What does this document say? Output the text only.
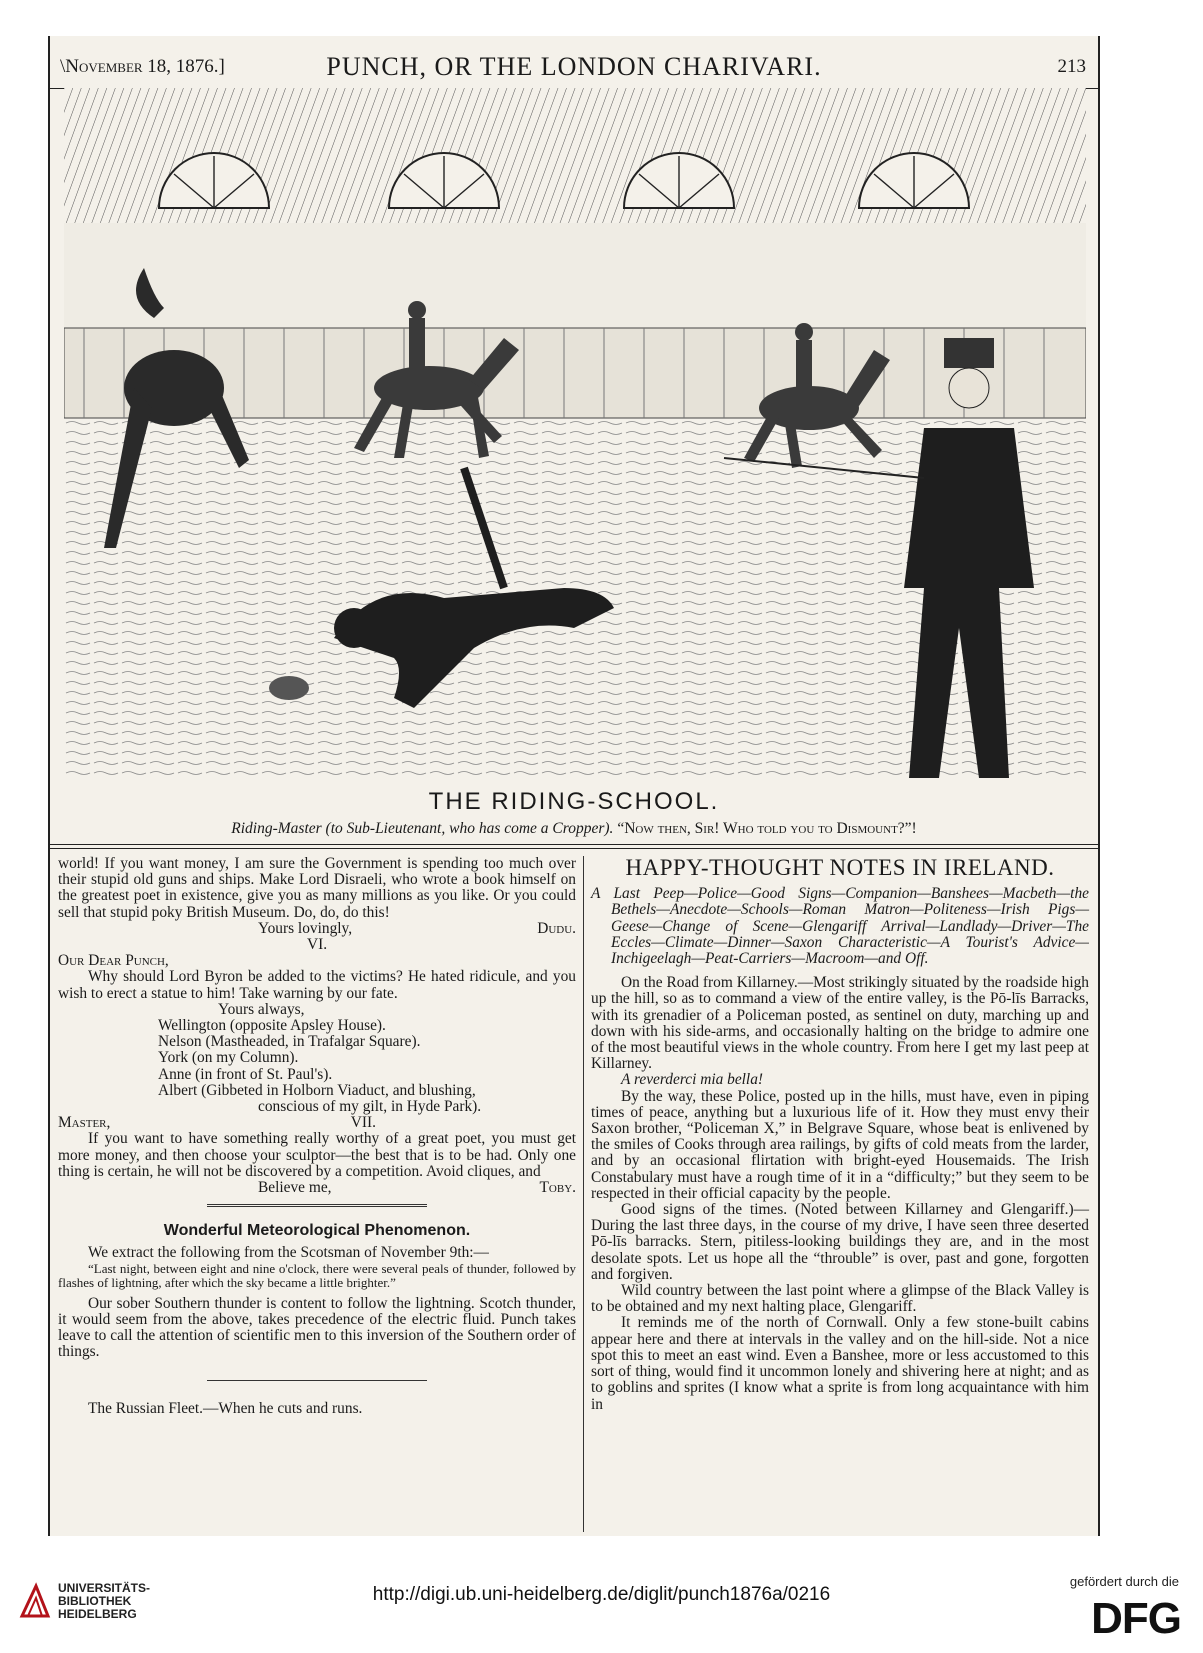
\November 18, 1876.]	PUNCH, OR THE LONDON CHARIVARI.	213
THE RIDING-SCHOOL.
Riding-Master (to Sub-Lieutenant, who has come a Cropper). “Now then, Sir! Who told you to Dismount?”!

world! If you want money, I am sure the Government is spending too much over their stupid old guns and ships. Make Lord Disraeli, who wrote a book himself on the greatest poet in existence, give you as many millions as you like. Or you could sell that stupid poky British Museum. Do, do, do this!

Yours lovingly,	Dudu.

VI.

Our Dear Punch,

Why should Lord Byron be added to the victims? He hated ridicule, and you wish to erect a statue to him! Take warning by our fate.

Yours always,

Wellington (opposite Apsley House).

Nelson (Mastheaded, in Trafalgar Square).

York (on my Column).

Anne (in front of St. Paul's).

Albert (Gibbeted in Holborn Viaduct, and blushing,

conscious of my gilt, in Hyde Park).

Master,	VII.

If you want to have something really worthy of a great poet, you must get more money, and then choose your sculptor—the best that is to be had. Only one thing is certain, he will not be discovered by a competition. Avoid cliques, and

Believe me,	Toby.

Wonderful Meteorological Phenomenon.

We extract the following from the Scotsman of November 9th:—

“Last night, between eight and nine o'clock, there were several peals of thunder, followed by flashes of lightning, after which the sky became a little brighter.”

Our sober Southern thunder is content to follow the lightning. Scotch thunder, it would seem from the above, takes precedence of the electric fluid. Punch takes leave to call the attention of scientific men to this inversion of the Southern order of things.

The Russian Fleet.—When he cuts and runs.

HAPPY-THOUGHT NOTES IN IRELAND.

A Last Peep—Police—Good Signs—Companion—Banshees—Macbeth—the Bethels—Anecdote—Schools—Roman Matron—Politeness—Irish Pigs—Geese—Change of Scene—Glengariff Arrival—Landlady—Driver—The Eccles—Climate—Dinner—Saxon Characteristic—A Tourist's Advice—Inchigeelagh—Peat-Carriers—Macroom—and Off.

On the Road from Killarney.—Most strikingly situated by the roadside high up the hill, so as to command a view of the entire valley, is the Pō-līs Barracks, with its grenadier of a Policeman posted, as sentinel on duty, marching up and down with his side-arms, and occasionally halting on the bridge to admire one of the most beautiful views in the whole country. From here I get my last peep at Killarney.

A reverderci mia bella!

By the way, these Police, posted up in the hills, must have, even in piping times of peace, anything but a luxurious life of it. How they must envy their Saxon brother, “Policeman X,” in Belgrave Square, whose beat is enlivened by the smiles of Cooks through area railings, by gifts of cold meats from the larder, and by an occasional flirtation with bright-eyed Housemaids. The Irish Constabulary must have a rough time of it in a “difficulty;” but they seem to be respected in their official capacity by the people.

Good signs of the times. (Noted between Killarney and Glengariff.)—During the last three days, in the course of my drive, I have seen three deserted Pō-līs barracks. Stern, pitiless-looking buildings they are, and in the most desolate spots. Let us hope all the “throuble” is over, past and gone, forgotten and forgiven.

Wild country between the last point where a glimpse of the Black Valley is to be obtained and my next halting place, Glengariff.

It reminds me of the north of Cornwall. Only a few stone-built cabins appear here and there at intervals in the valley and on the hill-side. Not a nice spot this to meet an east wind. Even a Banshee, more or less accustomed to this sort of thing, would find it uncommon lonely and shivering here at night; and as to goblins and sprites (I know what a sprite is from long acquaintance with him in

UNIVERSITÄTS-
BIBLIOTHEK
HEIDELBERG
http://digi.ub.uni-heidelberg.de/diglit/punch1876a/0216
gefördert durch die
DFG
